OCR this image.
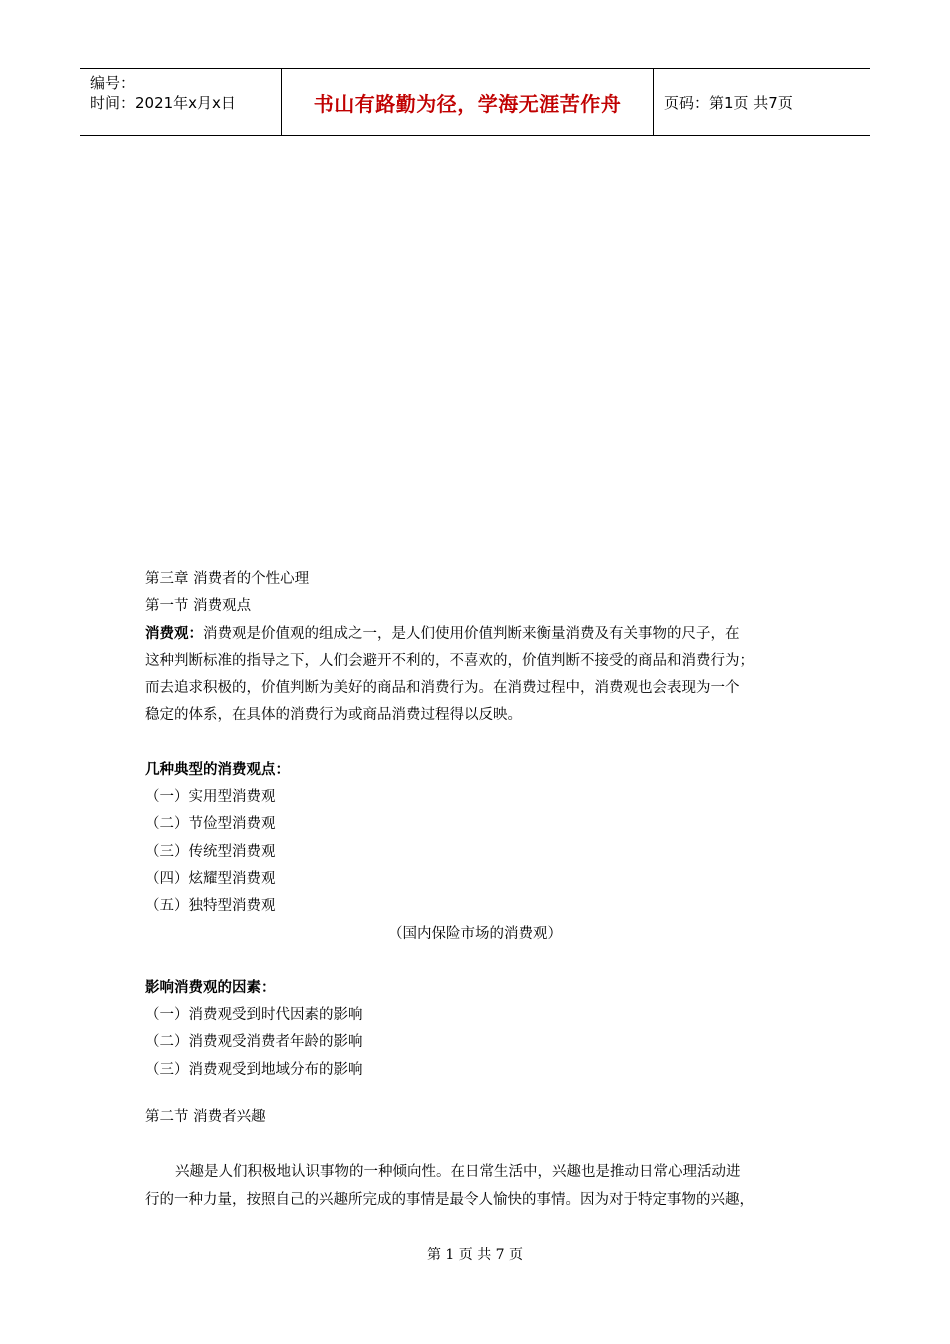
编号：
时间：2021年x月x日	书山有路勤为径，学海无涯苦作舟	页码：第1页 共7页
第三章 消费者的个性心理
第一节 消费观点
消费观：消费观是价值观的组成之一，是人们使用价值判断来衡量消费及有关事物的尺子，在
这种判断标准的指导之下，人们会避开不利的，不喜欢的，价值判断不接受的商品和消费行为；
而去追求积极的，价值判断为美好的商品和消费行为。在消费过程中，消费观也会表现为一个
稳定的体系，在具体的消费行为或商品消费过程得以反映。
几种典型的消费观点：
（一）实用型消费观
（二）节俭型消费观
（三）传统型消费观
（四）炫耀型消费观
（五）独特型消费观
（国内保险市场的消费观）
影响消费观的因素：
（一）消费观受到时代因素的影响
（二）消费观受消费者年龄的影响
（三）消费观受到地域分布的影响
第二节 消费者兴趣
兴趣是人们积极地认识事物的一种倾向性。在日常生活中，兴趣也是推动日常心理活动进
行的一种力量，按照自己的兴趣所完成的事情是最令人愉快的事情。因为对于特定事物的兴趣，
第 1 页 共 7 页
